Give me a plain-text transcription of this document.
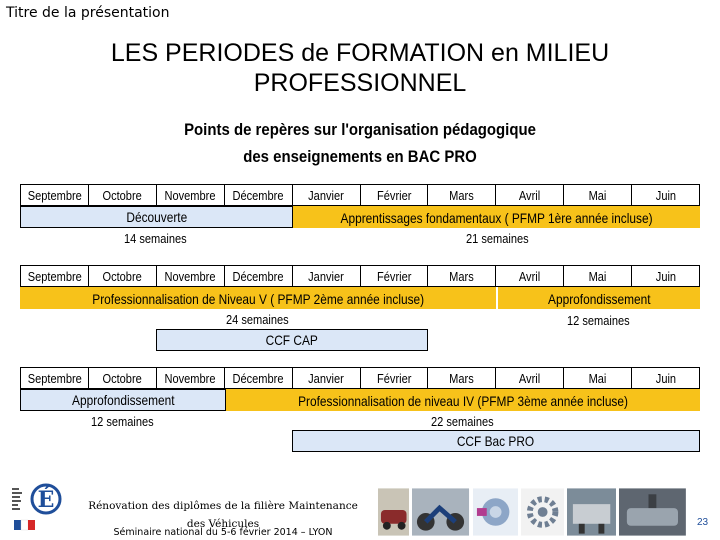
Titre de la présentation
LES PERIODES de FORMATION en MILIEU
PROFESSIONNEL
Points de repères sur l'organisation pédagogique
des enseignements en BAC PRO
Septembre Octobre Novembre Décembre Janvier	Février	Mars	Avril	Mai	Juin
Découverte	Apprentissages fondamentaux ( PFMP 1ère année incluse)
14 semaines	21 semaines
Septembre Octobre Novembre Décembre Janvier	Février	Mars	Avril	Mai	Juin
Professionnalisation de Niveau V ( PFMP 2ème année incluse)	Approfondissement
24 semaines	12 semaines
CCF CAP
Septembre Octobre Novembre Décembre Janvier	Février	Mars	Avril	Mai	Juin
Approfondissement	Professionnalisation de niveau IV (PFMP 3ème année incluse)
12 semaines	22 semaines
CCF Bac PRO
É	Rénovation des diplômes de la filière Maintenance
des Véhicules
Séminaire national du 5-6 février 2014 – LYON
23
